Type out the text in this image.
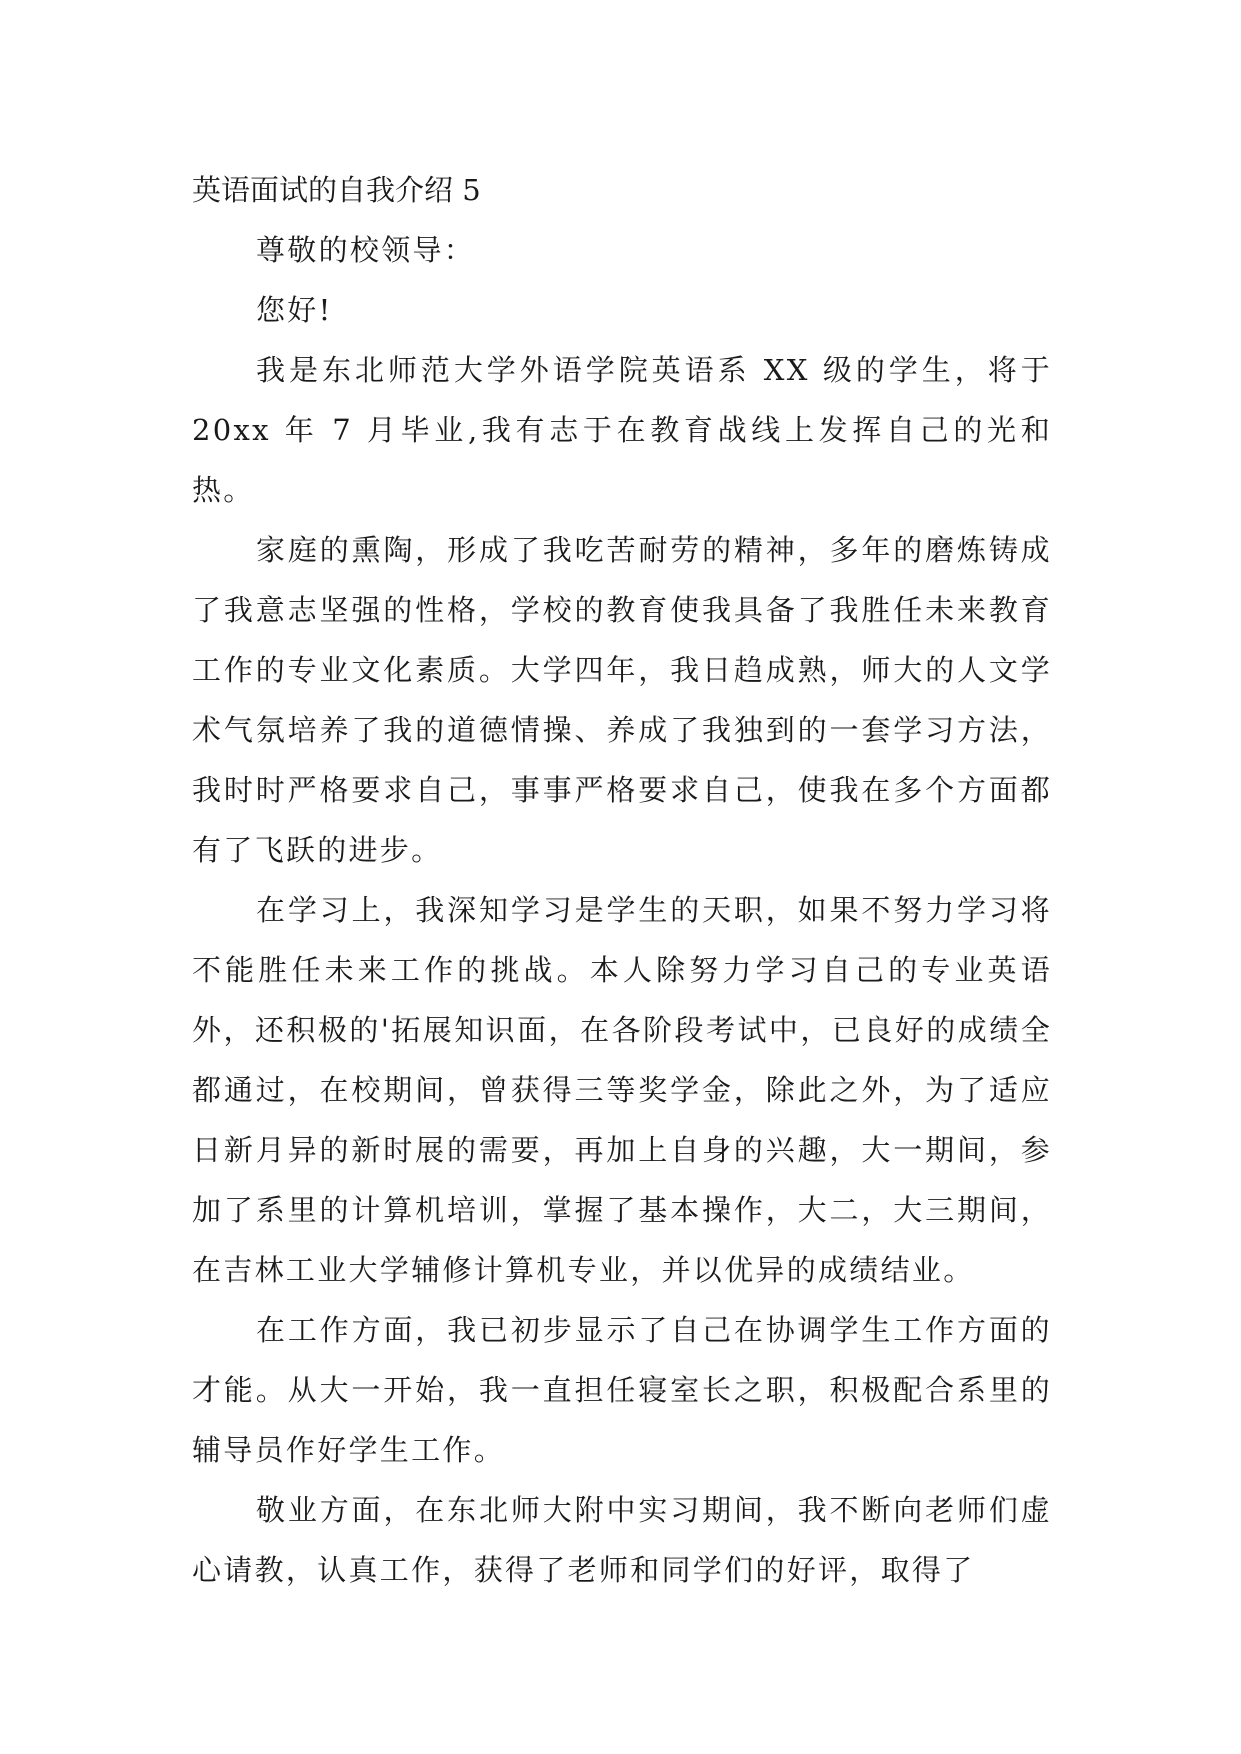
英语面试的自我介绍 5

尊敬的校领导：

您好!

我是东北师范大学外语学院英语系 XX 级的学生，将于 20xx 年 7 月毕业,我有志于在教育战线上发挥自己的光和热。

家庭的熏陶，形成了我吃苦耐劳的精神，多年的磨炼铸成了我意志坚强的性格，学校的教育使我具备了我胜任未来教育工作的专业文化素质。大学四年，我日趋成熟，师大的人文学术气氛培养了我的道德情操、养成了我独到的一套学习方法，我时时严格要求自己，事事严格要求自己，使我在多个方面都有了飞跃的进步。

在学习上，我深知学习是学生的天职，如果不努力学习将不能胜任未来工作的挑战。本人除努力学习自己的专业英语外，还积极的'拓展知识面，在各阶段考试中，已良好的成绩全都通过，在校期间，曾获得三等奖学金，除此之外，为了适应日新月异的新时展的需要，再加上自身的兴趣，大一期间，参加了系里的计算机培训，掌握了基本操作，大二，大三期间，在吉林工业大学辅修计算机专业，并以优异的成绩结业。

在工作方面，我已初步显示了自己在协调学生工作方面的才能。从大一开始，我一直担任寝室长之职，积极配合系里的辅导员作好学生工作。

敬业方面，在东北师大附中实习期间，我不断向老师们虚心请教，认真工作，获得了老师和同学们的好评，取得了
